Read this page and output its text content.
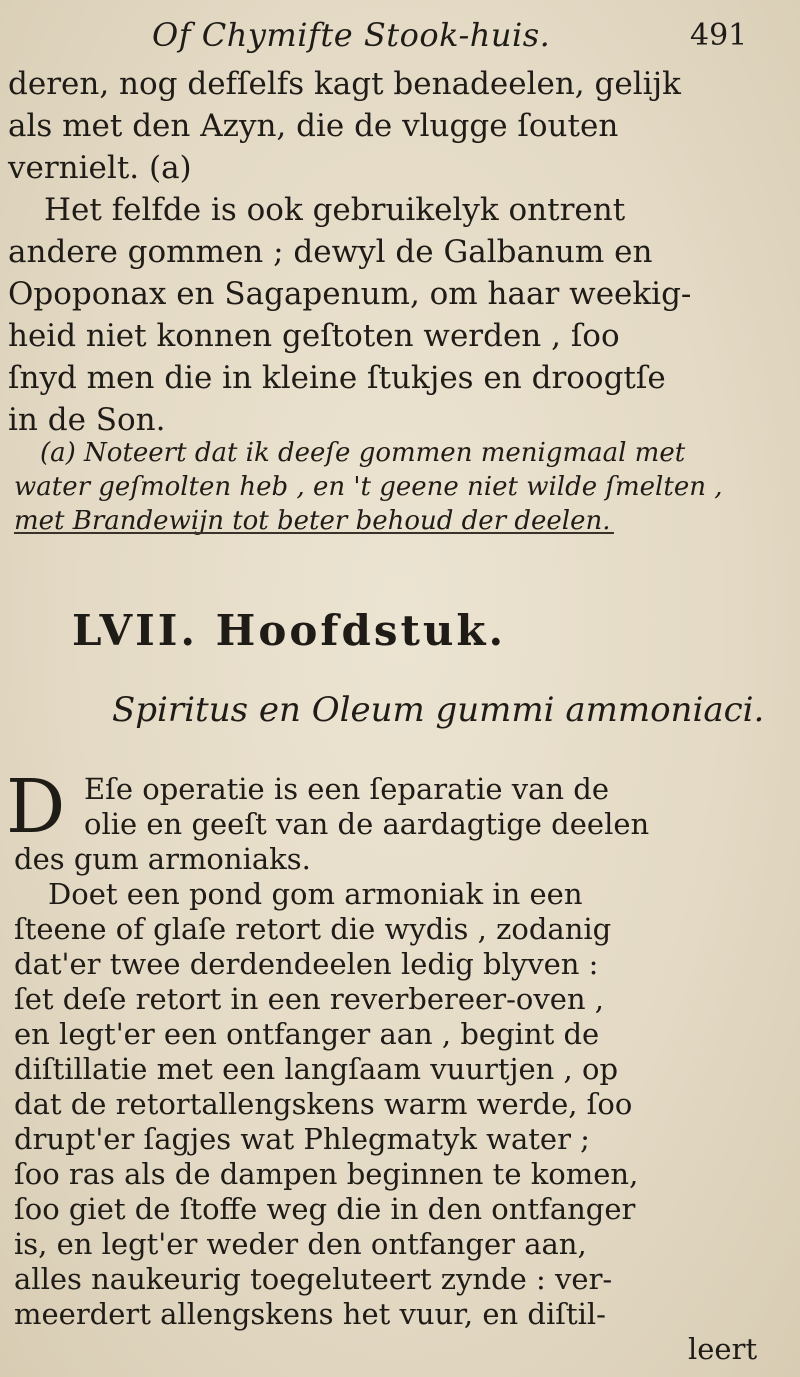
Of Chymifte Stook-huis.	491
deren, nog defſelfs kagt benadeelen, gelijk
als met den Azyn, die de vlugge ſouten
vernielt. (a)
Het felfde is ook gebruikelyk ontrent
andere gommen ; dewyl de Galbanum en
Opoponax en Sagapenum, om haar weekig-
heid niet konnen geſtoten werden , ſoo
ſnyd men die in kleine ſtukjes en droogtſe
in de Son.
(a) Noteert dat ik deeſe gommen menigmaal met
water geſmolten heb , en 't geene niet wilde ſmelten ,
met Brandewijn tot beter behoud der deelen.
LVII. Hoofdstuk.
Spiritus en Oleum gummi ammoniaci.
D Eſe operatie is een ſeparatie van de
olie en geeſt van de aardagtige deelen
des gum armoniaks.
Doet een pond gom armoniak in een
ſteene of glaſe retort die wydis , zodanig
dat'er twee derdendeelen ledig blyven :
ſet deſe retort in een reverbereer-oven ,
en legt'er een ontfanger aan , begint de
diſtillatie met een langſaam vuurtjen , op
dat de retortallengskens warm werde, ſoo
drupt'er ſagjes wat Phlegmatyk water ;
ſoo ras als de dampen beginnen te komen,
ſoo giet de ſtoffe weg die in den ontfanger
is, en legt'er weder den ontfanger aan,
alles naukeurig toegeluteert zynde : ver-
meerdert allengskens het vuur, en diſtil-
leert
